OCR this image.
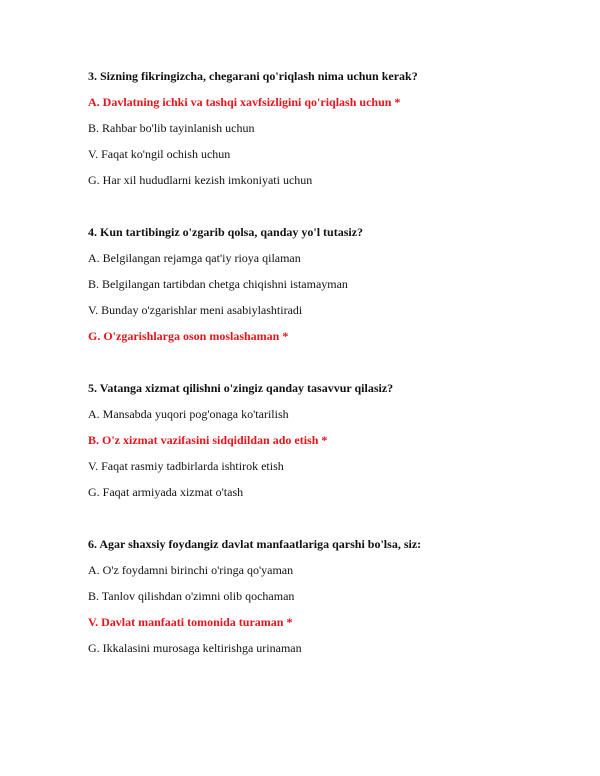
3. Sizning fikringizcha, chegarani qo'riqlash nima uchun kerak?
A. Davlatning ichki va tashqi xavfsizligini qo'riqlash uchun *
B. Rahbar bo'lib tayinlanish uchun
V. Faqat ko'ngil ochish uchun
G. Har xil hududlarni kezish imkoniyati uchun
4. Kun tartibingiz o'zgarib qolsa, qanday yo'l tutasiz?
A. Belgilangan rejamga qat'iy rioya qilaman
B. Belgilangan tartibdan chetga chiqishni istamayman
V. Bunday o'zgarishlar meni asabiylashtiradi
G. O'zgarishlarga oson moslashaman *
5. Vatanga xizmat qilishni o'zingiz qanday tasavvur qilasiz?
A. Mansabda yuqori pog'onaga ko'tarilish
B. O'z xizmat vazifasini sidqidildan ado etish *
V. Faqat rasmiy tadbirlarda ishtirok etish
G. Faqat armiyada xizmat o'tash
6. Agar shaxsiy foydangiz davlat manfaatlariga qarshi bo'lsa, siz:
A. O'z foydamni birinchi o'ringa qo'yaman
B. Tanlov qilishdan o'zimni olib qochaman
V. Davlat manfaati tomonida turaman *
G. Ikkalasini murosaga keltirishga urinaman
